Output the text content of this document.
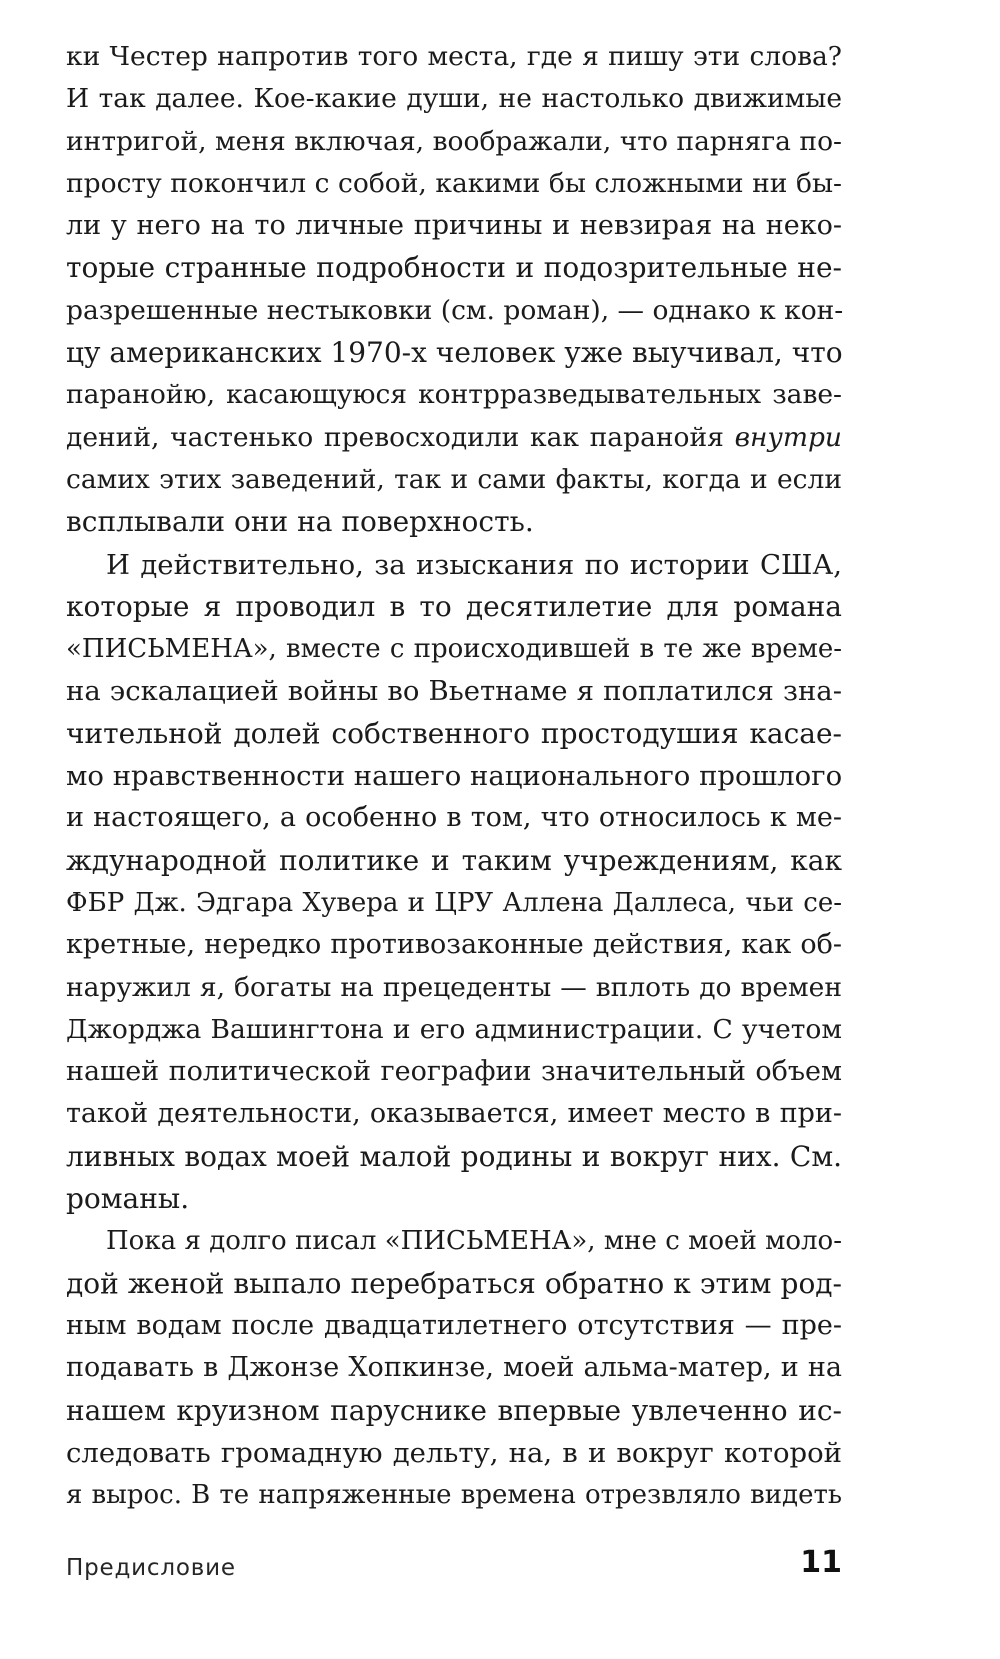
ки Честер напротив того места, где я пишу эти слова?
И так далее. Кое-какие души, не настолько движимые
интригой, меня включая, воображали, что парняга по-
просту покончил с собой, какими бы сложными ни бы-
ли у него на то личные причины и невзирая на неко-
торые странные подробности и подозрительные не-
разрешенные нестыковки (см. роман), — однако к кон-
цу американских 1970-х человек уже выучивал, что
паранойю, касающуюся контрразведывательных заве-
дений, частенько превосходили как паранойя внутри
самих этих заведений, так и сами факты, когда и если
всплывали они на поверхность.
И действительно, за изыскания по истории США,
которые я проводил в то десятилетие для романа
«ПИСЬМЕНА», вместе с происходившей в те же време-
на эскалацией войны во Вьетнаме я поплатился зна-
чительной долей собственного простодушия касае-
мо нравственности нашего национального прошлого
и настоящего, а особенно в том, что относилось к ме-
ждународной политике и таким учреждениям, как
ФБР Дж. Эдгара Хувера и ЦРУ Аллена Даллеса, чьи се-
кретные, нередко противозаконные действия, как об-
наружил я, богаты на прецеденты — вплоть до времен
Джорджа Вашингтона и его администрации. С учетом
нашей политической географии значительный объем
такой деятельности, оказывается, имеет место в при-
ливных водах моей малой родины и вокруг них. См.
романы.
Пока я долго писал «ПИСЬМЕНА», мне с моей моло-
дой женой выпало перебраться обратно к этим род-
ным водам после двадцатилетнего отсутствия — пре-
подавать в Джонзе Хопкинзе, моей альма-матер, и на
нашем круизном паруснике впервые увлеченно ис-
следовать громадную дельту, на, в и вокруг которой
я вырос. В те напряженные времена отрезвляло видеть
Предисловие	11
